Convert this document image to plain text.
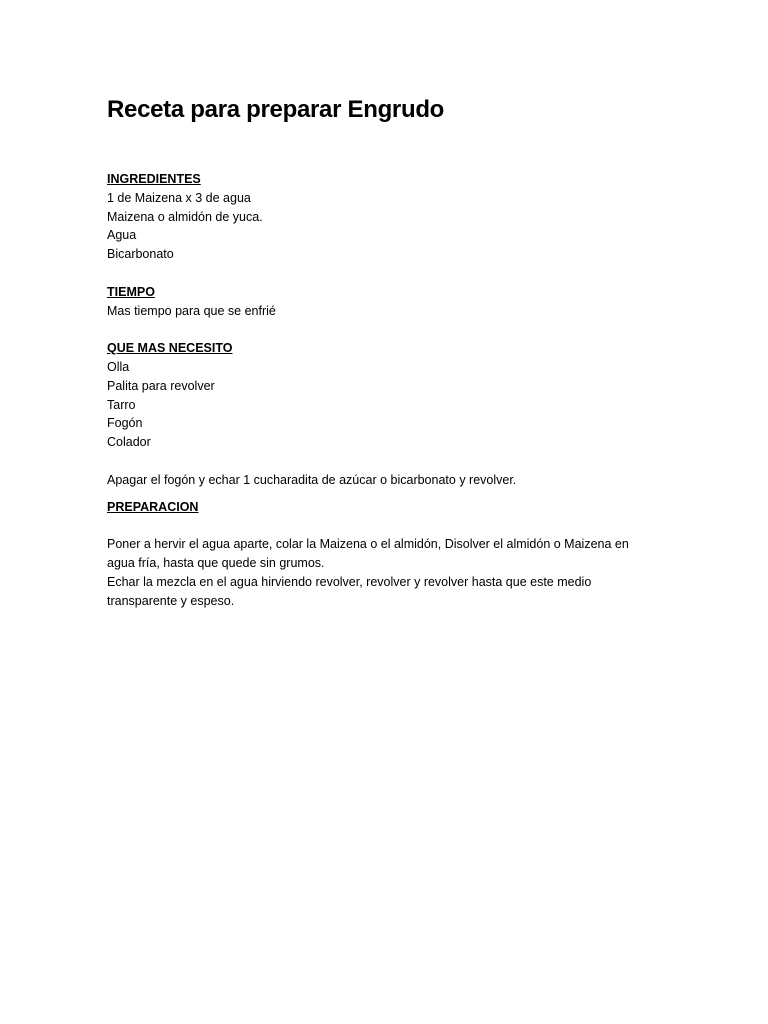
Receta para preparar Engrudo

INGREDIENTES

1 de Maizena x 3 de agua

Maizena o almidón de yuca.

Agua

Bicarbonato

TIEMPO

Mas tiempo para que se enfrié

QUE MAS NECESITO

Olla

Palita para revolver

Tarro

Fogón

Colador

Apagar el fogón y echar 1 cucharadita de azúcar o bicarbonato y revolver.

PREPARACION

Poner a hervir el agua aparte, colar la Maizena o el almidón, Disolver el almidón o Maizena en agua fría, hasta que quede sin grumos.

Echar la mezcla en el agua hirviendo revolver, revolver y revolver hasta que este medio transparente y espeso.
